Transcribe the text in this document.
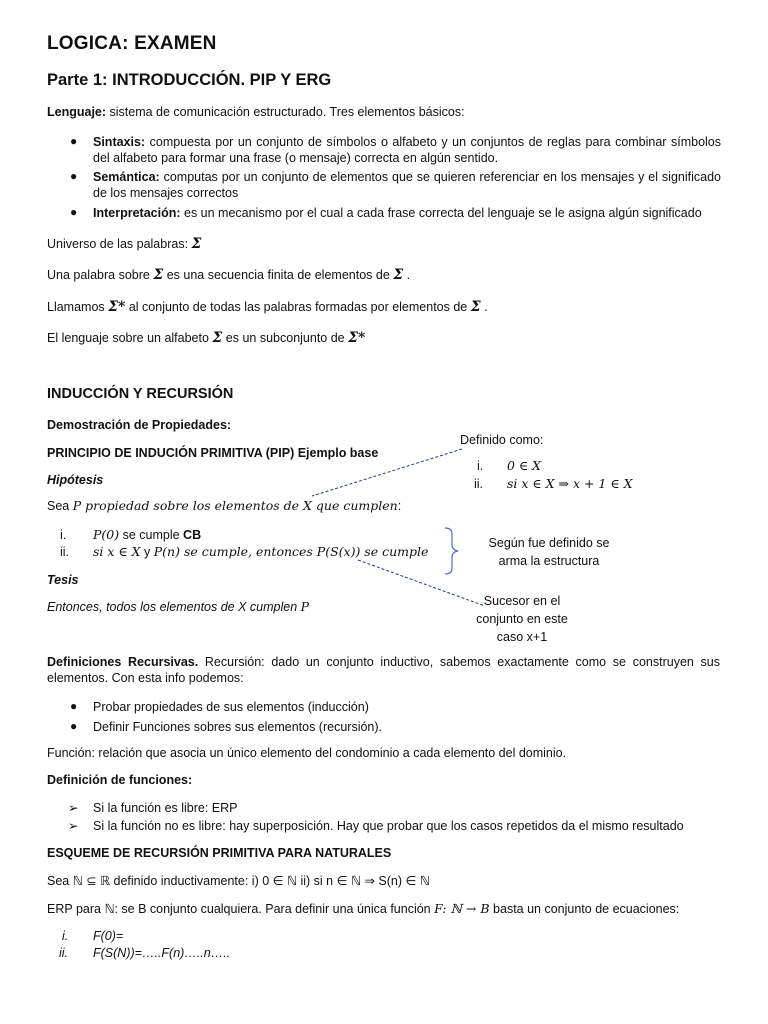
LOGICA: EXAMEN
Parte 1: INTRODUCCIÓN. PIP Y ERG
Lenguaje: sistema de comunicación estructurado. Tres elementos básicos:
● Sintaxis: compuesta por un conjunto de símbolos o alfabeto y un conjuntos de reglas para combinar símbolos del alfabeto para formar una frase (o mensaje) correcta en algún sentido.
● Semántica: computas por un conjunto de elementos que se quieren referenciar en los mensajes y el significado de los mensajes correctos
● Interpretación: es un mecanismo por el cual a cada frase correcta del lenguaje se le asigna algún significado
Universo de las palabras: Σ
Una palabra sobre Σ es una secuencia finita de elementos de Σ .
Llamamos Σ* al conjunto de todas las palabras formadas por elementos de Σ .
El lenguaje sobre un alfabeto Σ es un subconjunto de Σ*
INDUCCIÓN Y RECURSIÓN
Demostración de Propiedades:
PRINCIPIO DE INDUCIÓN PRIMITIVA (PIP) Ejemplo base
Hipótesis
Sea P propiedad sobre los elementos de X que cumplen:
i. P(0) se cumple CB
ii. si x ∈ X y P(n) se cumple, entonces P(S(x)) se cumple
Tesis
Entonces, todos los elementos de X cumplen P
Definido como:
i. 0 ∈ X
ii. si x ∈ X ⇒ x + 1 ∈ X
Según fue definido se
arma la estructura
Sucesor en el
conjunto en este
caso x+1
Definiciones Recursivas. Recursión: dado un conjunto inductivo, sabemos exactamente como se construyen sus elementos. Con esta info podemos:
● Probar propiedades de sus elementos (inducción)
● Definir Funciones sobres sus elementos (recursión).
Función: relación que asocia un único elemento del condominio a cada elemento del dominio.
Definición de funciones:
➢ Si la función es libre: ERP
➢ Si la función no es libre: hay superposición. Hay que probar que los casos repetidos da el mismo resultado
ESQUEME DE RECURSIÓN PRIMITIVA PARA NATURALES
Sea ℕ ⊆ ℝ definido inductivamente: i) 0 ∈ ℕ ii) si n ∈ ℕ ⇒ S(n) ∈ ℕ
ERP para ℕ: se B conjunto cualquiera. Para definir una única función F: ℕ → B basta un conjunto de ecuaciones:
i. F(0)=
ii. F(S(N))=…..F(n)…..n…..
